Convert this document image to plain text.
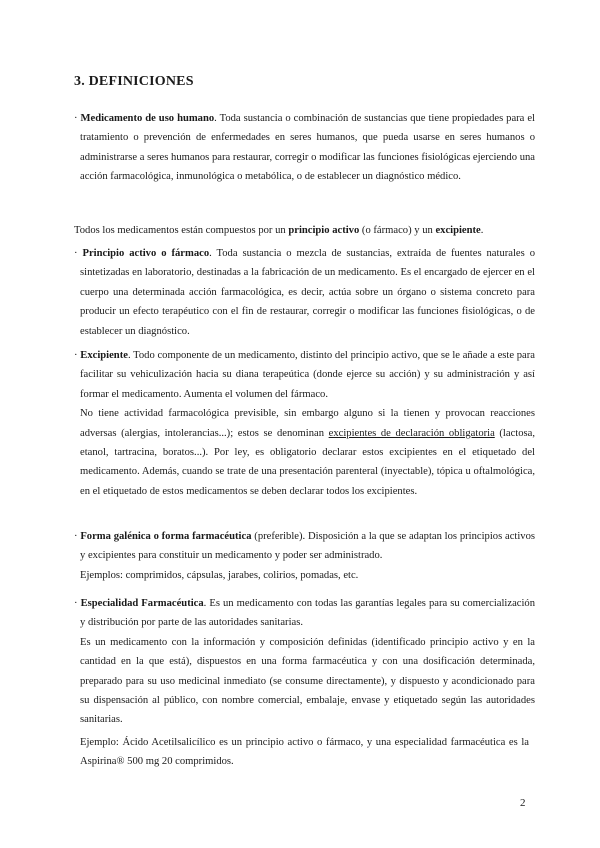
3. DEFINICIONES

· Medicamento de uso humano. Toda sustancia o combinación de sustancias que tiene propiedades para el tratamiento o prevención de enfermedades en seres humanos, que pueda usarse en seres humanos o administrarse a seres humanos para restaurar, corregir o modificar las funciones fisiológicas ejerciendo una acción farmacológica, inmunológica o metabólica, o de establecer un diagnóstico médico.

Todos los medicamentos están compuestos por un principio activo (o fármaco) y un excipiente.

· Principio activo o fármaco. Toda sustancia o mezcla de sustancias, extraída de fuentes naturales o sintetizadas en laboratorio, destinadas a la fabricación de un medicamento. Es el encargado de ejercer en el cuerpo una determinada acción farmacológica, es decir, actúa sobre un órgano o sistema concreto para producir un efecto terapéutico con el fin de restaurar, corregir o modificar las funciones fisiológicas, o de establecer un diagnóstico.

· Excipiente. Todo componente de un medicamento, distinto del principio activo, que se le añade a este para facilitar su vehiculización hacia su diana terapeútica (donde ejerce su acción) y su administración y así formar el medicamento. Aumenta el volumen del fármaco.

No tiene actividad farmacológica previsible, sin embargo alguno si la tienen y provocan reacciones adversas (alergias, intolerancias...); estos se denominan excipientes de declaración obligatoria (lactosa, etanol, tartracina, boratos...). Por ley, es obligatorio declarar estos excipientes en el etiquetado del medicamento. Además, cuando se trate de una presentación parenteral (inyectable), tópica u oftalmológica, en el etiquetado de estos medicamentos se deben declarar todos los excipientes.

· Forma galénica o forma farmacéutica (preferible). Disposición a la que se adaptan los principios activos y excipientes para constituir un medicamento y poder ser administrado.

Ejemplos: comprimidos, cápsulas, jarabes, colirios, pomadas, etc.

· Especialidad Farmacéutica. Es un medicamento con todas las garantías legales para su comercialización y distribución por parte de las autoridades sanitarias.

Es un medicamento con la información y composición definidas (identificado principio activo y en la cantidad en la que está), dispuestos en una forma farmacéutica y con una dosificación determinada, preparado para su uso medicinal inmediato (se consume directamente), y dispuesto y acondicionado para su dispensación al público, con nombre comercial, embalaje, envase y etiquetado según las autoridades sanitarias.

Ejemplo: Ácido Acetilsalicílico es un principio activo o fármaco, y una especialidad farmacéutica es la Aspirina® 500 mg 20 comprimidos.

2
